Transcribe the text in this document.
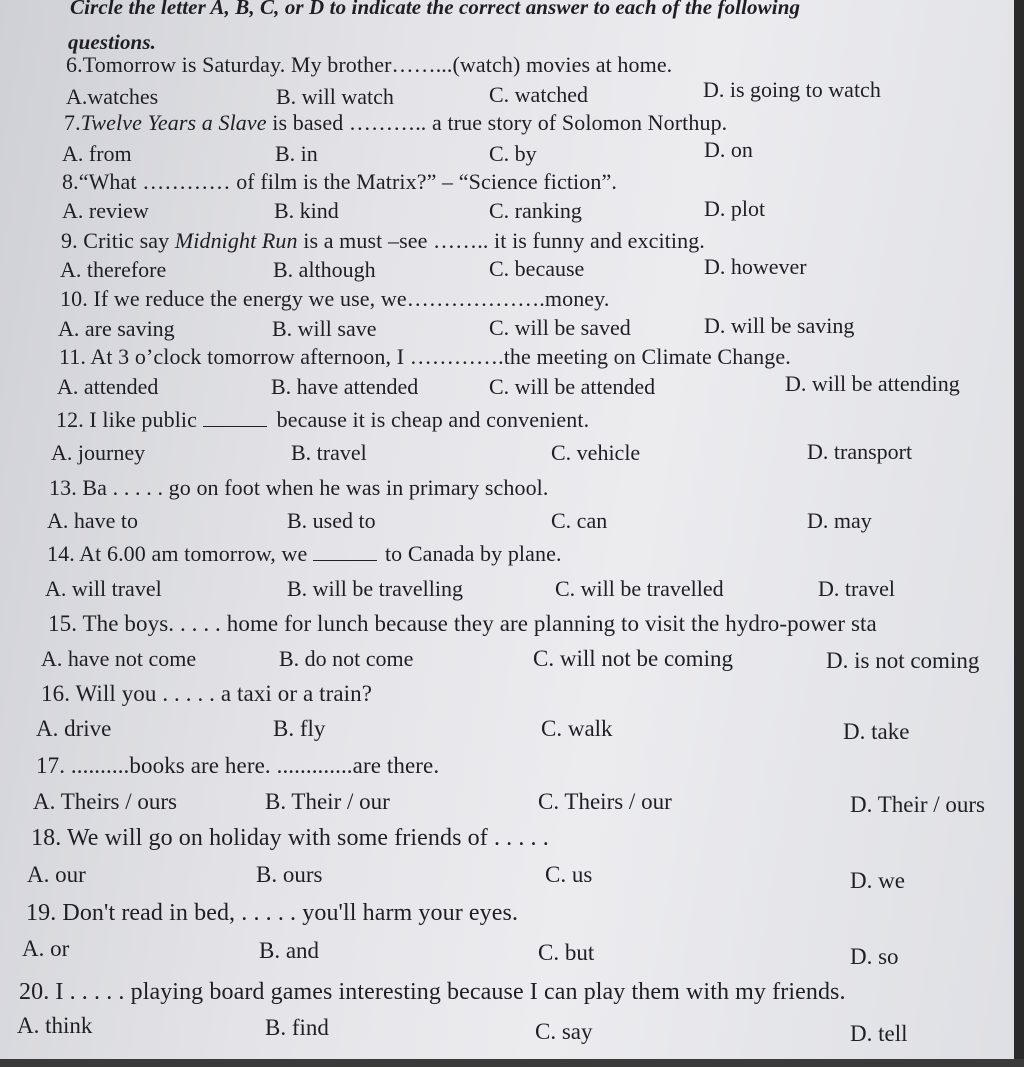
Circle the letter A, B, C, or D to indicate the correct answer to each of the following
questions.
6.Tomorrow is Saturday. My brother……...(watch) movies at home.
A.watches	B. will watch	C. watched	D. is going to watch
7.Twelve Years a Slave is based ……….. a true story of Solomon Northup.
A. from	B. in	C. by	D. on
8.“What ………… of film is the Matrix?” – “Science fiction”.
A. review	B. kind	C. ranking	D. plot
9. Critic say Midnight Run is a must –see …….. it is funny and exciting.
A. therefore	B. although	C. because	D. however
10. If we reduce the energy we use, we……………….money.
A. are saving	B. will save	C. will be saved	D. will be saving
11. At 3 o’clock tomorrow afternoon, I ………….the meeting on Climate Change.
A. attended	B. have attended	C. will be attended	D. will be attending
12. I like public	because it is cheap and convenient.
A. journey	B. travel	C. vehicle	D. transport
13. Ba . . . . . go on foot when he was in primary school.
A. have to	B. used to	C. can	D. may
14. At 6.00 am tomorrow, we	to Canada by plane.
A. will travel	B. will be travelling	C. will be travelled	D. travel
15. The boys. . . . . home for lunch because they are planning to visit the hydro-power sta
A. have not come	B. do not come	C. will not be coming	D. is not coming
16. Will you . . . . . a taxi or a train?
A. drive	B. fly	C. walk	D. take
17. ..........books are here. .............are there.
A. Theirs / ours	B. Their / our	C. Theirs / our	D. Their / ours
18. We will go on holiday with some friends of . . . . .
A. our	B. ours	C. us	D. we
19. Don't read in bed, . . . . . you'll harm your eyes.
A. or	B. and	C. but	D. so
20. I . . . . . playing board games interesting because I can play them with my friends.
A. think	B. find	C. say	D. tell
